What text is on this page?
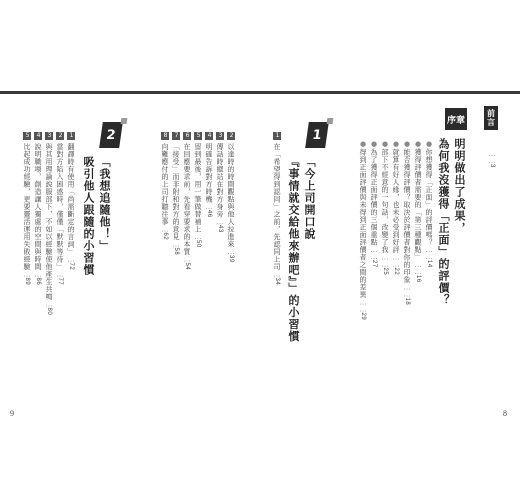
9	8
前言
……3
序章
明明做出了成果，
為何我沒獲得「正面」的評價？
●你想獲得「正面」的評價嗎？……14
●獲得評價者需要的「第三種觀點」……16
●能否獲得評價？取決於評價者對你的印象……18
●就算有好人緣，也未必受到好評……22
●部下不經意的一句話，改變了我……25
●為了獲得正面評價的三個重點……27
●得到正面評價與未得到正面評價者之間的差異……29
1
「今上司開口說
『事情就交給他來辦吧』」的小習慣
1在「希望得到認同」之前，先認同上司…34
2以達時的時間觀點與他人拉進來…39
3傳話時總站在對方身旁…43
4明確告訴對方時機…46
5留到最後，用一筆做替補上…50
6在回應要求前，先看穿要求的本質…54
7「接受」而非附和對方的意見…58
8向難應付的上司打聽往事…62
2
「我想追隨他！」
吸引他人跟隨的小習慣
1翻譯時有使用「尚需斷定的言詞」…72
2當對方陷入困惑時，僅僅「默默等待」…77
3與其用理論說服部下，不如以經驗使他產生共鳴…80
4說明職場，創造讓人獨處的空間與時間…86
5比起成功經驗，更要靈活運用失敗經驗…89
